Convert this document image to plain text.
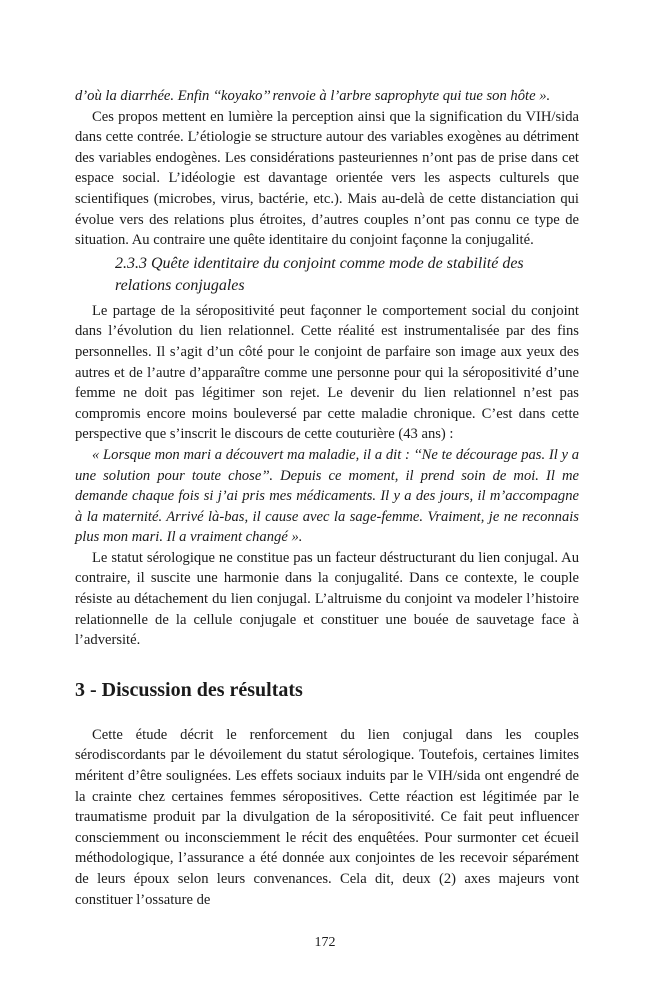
d’où la diarrhée. Enfin ‘‘koyako’’ renvoie à l’arbre saprophyte qui tue son hôte ».

Ces propos mettent en lumière la perception ainsi que la signification du VIH/sida dans cette contrée. L’étiologie se structure autour des variables exogènes au détriment des variables endogènes. Les considérations pasteuriennes n’ont pas de prise dans cet espace social. L’idéologie est davantage orientée vers les aspects culturels que scientifiques (microbes, virus, bactérie, etc.). Mais au-delà de cette distanciation qui évolue vers des relations plus étroites, d’autres couples n’ont pas connu ce type de situation. Au contraire une quête identitaire du conjoint façonne la conjugalité.

2.3.3 Quête identitaire du conjoint comme mode de stabilité des relations conjugales

Le partage de la séropositivité peut façonner le comportement social du conjoint dans l’évolution du lien relationnel. Cette réalité est instrumentalisée par des fins personnelles. Il s’agit d’un côté pour le conjoint de parfaire son image aux yeux des autres et de l’autre d’apparaître comme une personne pour qui la séropositivité d’une femme ne doit pas légitimer son rejet. Le devenir du lien relationnel n’est pas compromis encore moins bouleversé par cette maladie chronique. C’est dans cette perspective que s’inscrit le discours de cette couturière (43 ans) :

« Lorsque mon mari a découvert ma maladie, il a dit : ‘‘Ne te décourage pas. Il y a une solution pour toute chose’’. Depuis ce moment, il prend soin de moi. Il me demande chaque fois si j’ai pris mes médicaments. Il y a des jours, il m’accompagne à la maternité. Arrivé là-bas, il cause avec la sage-femme. Vraiment, je ne reconnais plus mon mari. Il a vraiment changé ».

Le statut sérologique ne constitue pas un facteur déstructurant du lien conjugal. Au contraire, il suscite une harmonie dans la conjugalité. Dans ce contexte, le couple résiste au détachement du lien conjugal. L’altruisme du conjoint va modeler l’histoire relationnelle de la cellule conjugale et constituer une bouée de sauvetage face à l’adversité.

3 - Discussion des résultats

Cette étude décrit le renforcement du lien conjugal dans les couples sérodiscordants par le dévoilement du statut sérologique. Toutefois, certaines limites méritent d’être soulignées. Les effets sociaux induits par le VIH/sida ont engendré de la crainte chez certaines femmes séropositives. Cette réaction est légitimée par le traumatisme produit par la divulgation de la séropositivité. Ce fait peut influencer consciemment ou inconsciemment le récit des enquêtées. Pour surmonter cet écueil méthodologique, l’assurance a été donnée aux conjointes de les recevoir séparément de leurs époux selon leurs convenances. Cela dit, deux (2) axes majeurs vont constituer l’ossature de

172
